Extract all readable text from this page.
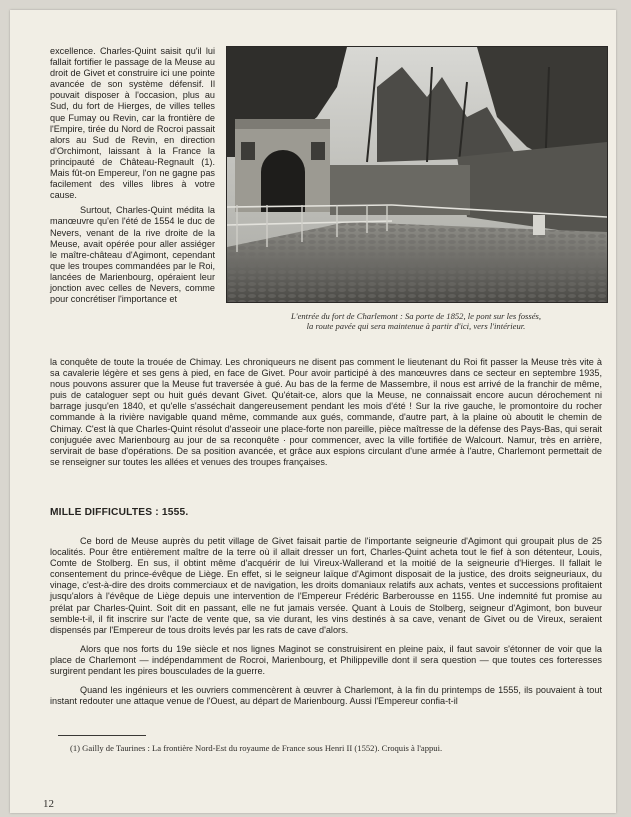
excellence. Charles-Quint saisit qu'il lui fallait fortifier le passage de la Meuse au droit de Givet et construire ici une pointe avancée de son système défensif. Il pouvait disposer à l'occasion, plus au Sud, du fort de Hierges, de villes telles que Fumay ou Revin, car la frontière de l'Empire, tirée du Nord de Rocroi passait alors au Sud de Revin, en direction d'Orchimont, laissant à la France la principauté de Château-Regnault (1). Mais fût-on Empereur, l'on ne gagne pas facilement des villes libres à votre cause.

Surtout, Charles-Quint médita la manœuvre qu'en l'été de 1554 le duc de Nevers, venant de la rive droite de la Meuse, avait opérée pour aller assiéger le maître-château d'Agimont, cependant que les troupes commandées par le Roi, lancées de Marienbourg, opéraient leur jonction avec celles de Nevers, comme pour concrétiser l'importance et

L'entrée du fort de Charlemont : Sa porte de 1852, le pont sur les fossés,
la route pavée qui sera maintenue à partir d'ici, vers l'intérieur.

la conquête de toute la trouée de Chimay. Les chroniqueurs ne disent pas comment le lieutenant du Roi fit passer la Meuse très vite à sa cavalerie légère et ses gens à pied, en face de Givet. Pour avoir participé à des manœuvres dans ce secteur en septembre 1935, nous pouvons assurer que la Meuse fut traversée à gué. Au bas de la ferme de Massembre, il nous est arrivé de la franchir de même, puis de cataloguer sept ou huit gués devant Givet. Qu'était-ce, alors que la Meuse, ne connaissait encore aucun dérochement ni barrage jusqu'en 1840, et qu'elle s'asséchait dangereusement pendant les mois d'été ! Sur la rive gauche, le promontoire du rocher commande à la rivière navigable quand même, commande aux gués, commande, d'autre part, à la plaine où aboutit le chemin de Chimay. C'est là que Charles-Quint résolut d'asseoir une place-forte non pareille, pièce maîtresse de la défense des Pays-Bas, qui serait conjuguée avec Marienbourg au jour de sa reconquête · pour commencer, avec la ville fortifiée de Walcourt. Namur, très en arrière, servirait de base d'opérations. De sa position avancée, et grâce aux espions circulant d'une armée à l'autre, Charlemont permettait de se renseigner sur toutes les allées et venues des troupes françaises.

MILLE DIFFICULTES : 1555.

Ce bord de Meuse auprès du petit village de Givet faisait partie de l'importante seigneurie d'Agimont qui groupait plus de 25 localités. Pour être entièrement maître de la terre où il allait dresser un fort, Charles-Quint acheta tout le fief à son détenteur, Louis, Comte de Stolberg. En sus, il obtint même d'acquérir de lui Vireux-Wallerand et la moitié de la seigneurie d'Hierges. Il fallait le consentement du prince-évêque de Liège. En effet, si le seigneur laïque d'Agimont disposait de la justice, des droits seigneuriaux, du vinage, c'est-à-dire des droits commerciaux et de navigation, les droits domaniaux relatifs aux achats, ventes et successions profitaient jusqu'alors à l'évêque de Liège depuis une intervention de l'Empereur Frédéric Barberousse en 1155. Une indemnité fut promise au prélat par Charles-Quint. Soit dit en passant, elle ne fut jamais versée. Quant à Louis de Stolberg, seigneur d'Agimont, bon buveur semble-t-il, il fit inscrire sur l'acte de vente que, sa vie durant, les vins destinés à sa cave, venant de Givet ou de Vireux, seraient dispensés par l'Empereur de tous droits levés par les rats de cave d'alors.

Alors que nos forts du 19e siècle et nos lignes Maginot se construisirent en pleine paix, il faut savoir s'étonner de voir que la place de Charlemont — indépendamment de Rocroi, Marienbourg, et Philippeville dont il sera question — que toutes ces forteresses surgirent pendant les pires bousculades de la guerre.

Quand les ingénieurs et les ouvriers commencèrent à œuvrer à Charlemont, à la fin du printemps de 1555, ils pouvaient à tout instant redouter une attaque venue de l'Ouest, au départ de Marienbourg. Aussi l'Empereur confia-t-il

(1) Gailly de Taurines : La frontière Nord-Est du royaume de France sous Henri II (1552). Croquis à l'appui.
12
